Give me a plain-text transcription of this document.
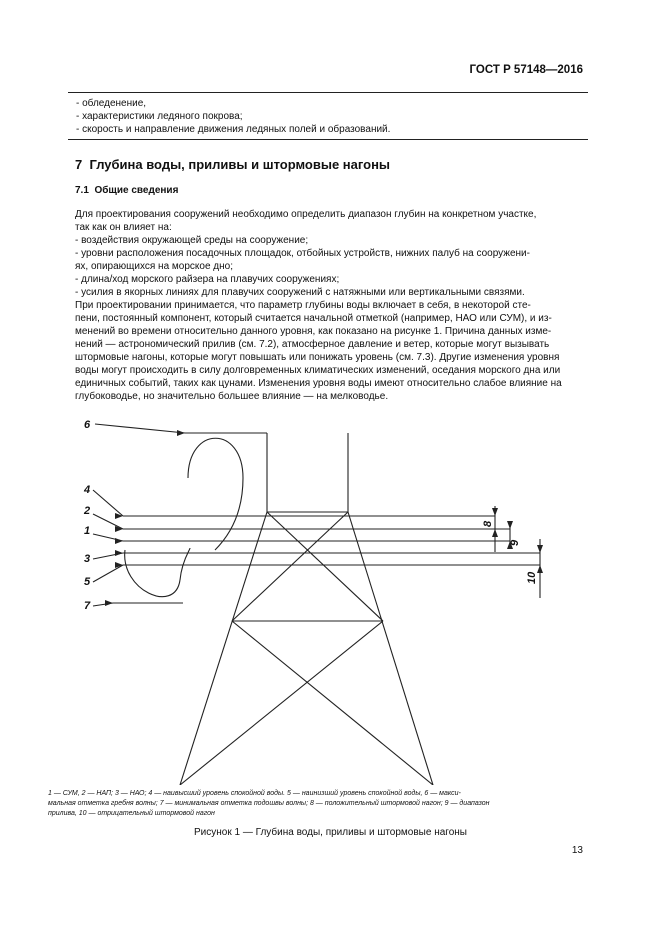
ГОСТ Р 57148—2016
- обледенение,
- характеристики ледяного покрова;
- скорость и направление движения ледяных полей и образований.
7 Глубина воды, приливы и штормовые нагоны
7.1 Общие сведения
Для проектирования сооружений необходимо определить диапазон глубин на конкретном участке,
так как он влияет на:
- воздействия окружающей среды на сооружение;
- уровни расположения посадочных площадок, отбойных устройств, нижних палуб на сооружени-
ях, опирающихся на морское дно;
- длина/ход морского райзера на плавучих сооружениях;
- усилия в якорных линиях для плавучих сооружений с натяжными или вертикальными связями.
При проектировании принимается, что параметр глубины воды включает в себя, в некоторой сте-
пени, постоянный компонент, который считается начальной отметкой (например, НАО или СУМ), и из-
менений во времени относительно данного уровня, как показано на рисунке 1. Причина данных изме-
нений — астрономический прилив (см. 7.2), атмосферное давление и ветер, которые могут вызывать
штормовые нагоны, которые могут повышать или понижать уровень (см. 7.3). Другие изменения уровня
воды могут происходить в силу долговременных климатических изменений, оседания морского дна или
единичных событий, таких как цунами. Изменения уровня воды имеют относительно слабое влияние на
глубоководье, но значительно большее влияние — на мелководье.
6
4
2
1
3
5
7
8
9
10
1 — СУМ, 2 — НАП; 3 — НАО; 4 — наивысший уровень спокойной воды. 5 — наинизший уровень спокойной воды, 6 — макси-
мальная отметка гребня волны; 7 — минимальная отметка подошвы волны; 8 — положительный штормовой нагон; 9 — диапазон
прилива, 10 — отрицательный штормовой нагон
Рисунок 1 — Глубина воды, приливы и штормовые нагоны
13
